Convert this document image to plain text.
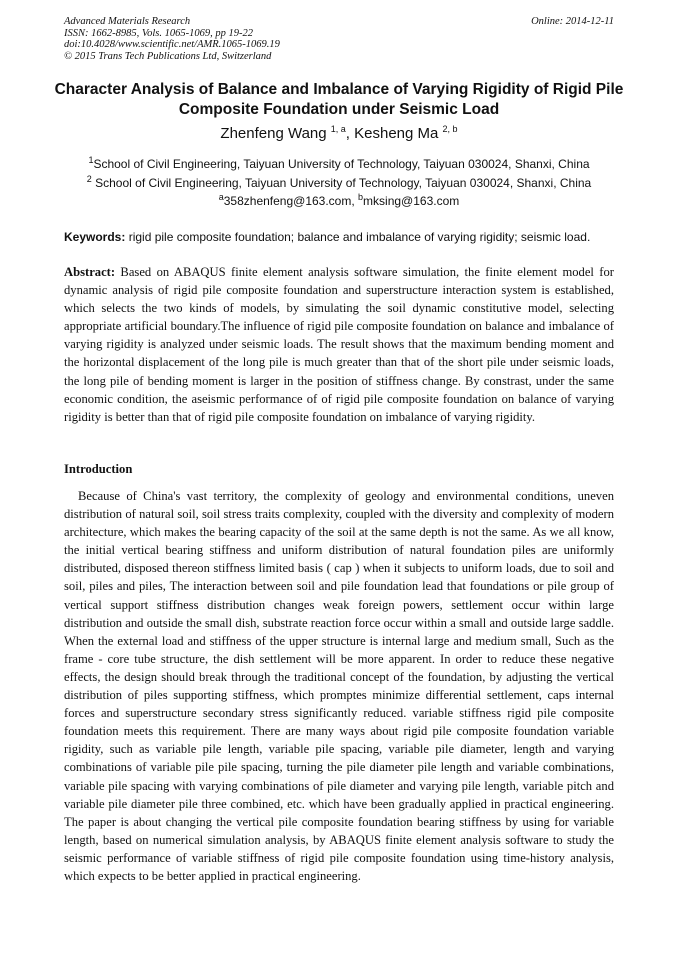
Advanced Materials Research
ISSN: 1662-8985, Vols. 1065-1069, pp 19-22
doi:10.4028/www.scientific.net/AMR.1065-1069.19
© 2015 Trans Tech Publications Ltd, Switzerland
Online: 2014-12-11
Character Analysis of Balance and Imbalance of Varying Rigidity of Rigid Pile Composite Foundation under Seismic Load
Zhenfeng Wang $^{1, a}$, Kesheng Ma $^{2, b}$
$^1$School of Civil Engineering, Taiyuan University of Technology, Taiyuan 030024, Shanxi, China
$^2$ School of Civil Engineering, Taiyuan University of Technology, Taiyuan 030024, Shanxi, China
$^a$358zhenfeng@163.com, $^b$mksing@163.com
Keywords: rigid pile composite foundation; balance and imbalance of varying rigidity; seismic load.
Abstract: Based on ABAQUS finite element analysis software simulation, the finite element model for dynamic analysis of rigid pile composite foundation and superstructure interaction system is established, which selects the two kinds of models, by simulating the soil dynamic constitutive model, selecting appropriate artificial boundary.The influence of rigid pile composite foundation on balance and imbalance of varying rigidity is analyzed under seismic loads. The result shows that the maximum bending moment and the horizontal displacement of the long pile is much greater than that of the short pile under seismic loads, the long pile of bending moment is larger in the position of stiffness change. By constrast, under the same economic condition, the aseismic performance of of rigid pile composite foundation on balance of varying rigidity is better than that of rigid pile composite foundation on imbalance of varying rigidity.
Introduction
Because of China's vast territory, the complexity of geology and environmental conditions, uneven distribution of natural soil, soil stress traits complexity, coupled with the diversity and complexity of modern architecture, which makes the bearing capacity of the soil at the same depth is not the same. As we all know, the initial vertical bearing stiffness and uniform distribution of natural foundation piles are uniformly distributed, disposed thereon stiffness limited basis ( cap ) when it subjects to uniform loads, due to soil and soil, piles and piles, The interaction between soil and pile foundation lead that foundations or pile group of vertical support stiffness distribution changes weak foreign powers, settlement occur within large distribution and outside the small dish, substrate reaction force occur within a small and outside large saddle. When the external load and stiffness of the upper structure is internal large and medium small, Such as the frame - core tube structure, the dish settlement will be more apparent. In order to reduce these negative effects, the design should break through the traditional concept of the foundation, by adjusting the vertical distribution of piles supporting stiffness, which promptes minimize differential settlement, caps internal forces and superstructure secondary stress significantly reduced. variable stiffness rigid pile composite foundation meets this requirement. There are many ways about rigid pile composite foundation variable rigidity, such as variable pile length, variable pile spacing, variable pile diameter, length and varying combinations of variable pile pile spacing, turning the pile diameter pile length and variable combinations, variable pile spacing with varying combinations of pile diameter and varying pile length, variable pitch and variable pile diameter pile three combined, etc. which have been gradually applied in practical engineering. The paper is about changing the vertical pile composite foundation bearing stiffness by using for variable length, based on numerical simulation analysis, by ABAQUS finite element analysis software to study the seismic performance of variable stiffness of rigid pile composite foundation using time-history analysis, which expects to be better applied in practical engineering.
